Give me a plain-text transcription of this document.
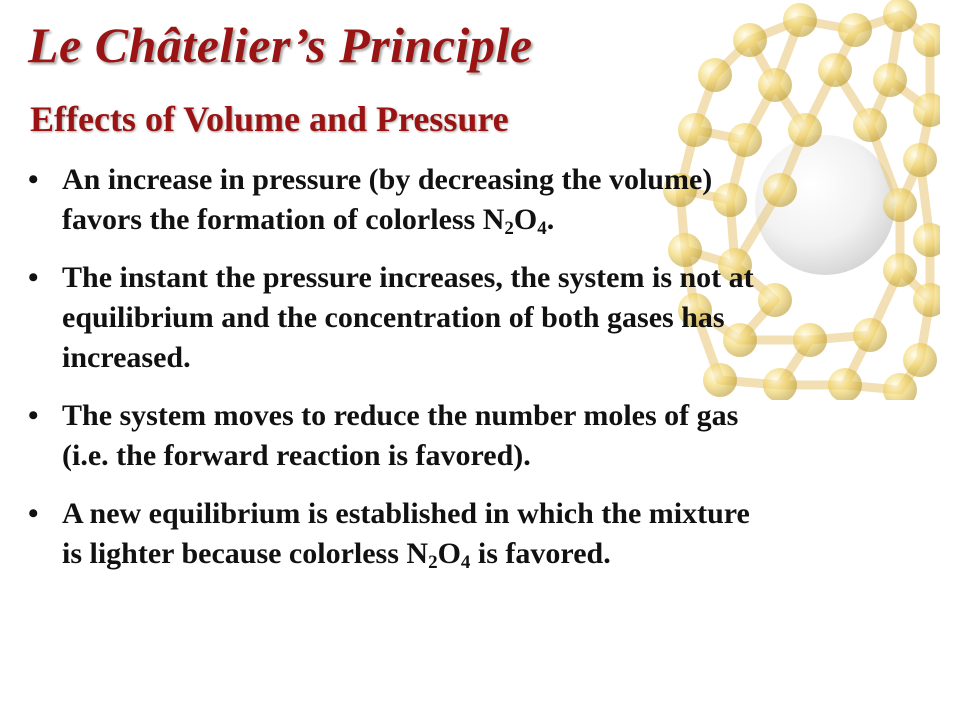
Le Châtelier’s Principle
Effects of Volume and Pressure
• An increase in pressure (by decreasing the volume)
favors the formation of colorless $N_2O_4$.
• The instant the pressure increases, the system is not at
equilibrium and the concentration of both gases has
increased.
• The system moves to reduce the number moles of gas
(i.e. the forward reaction is favored).
• A new equilibrium is established in which the mixture
is lighter because colorless $N_2O_4$ is favored.
